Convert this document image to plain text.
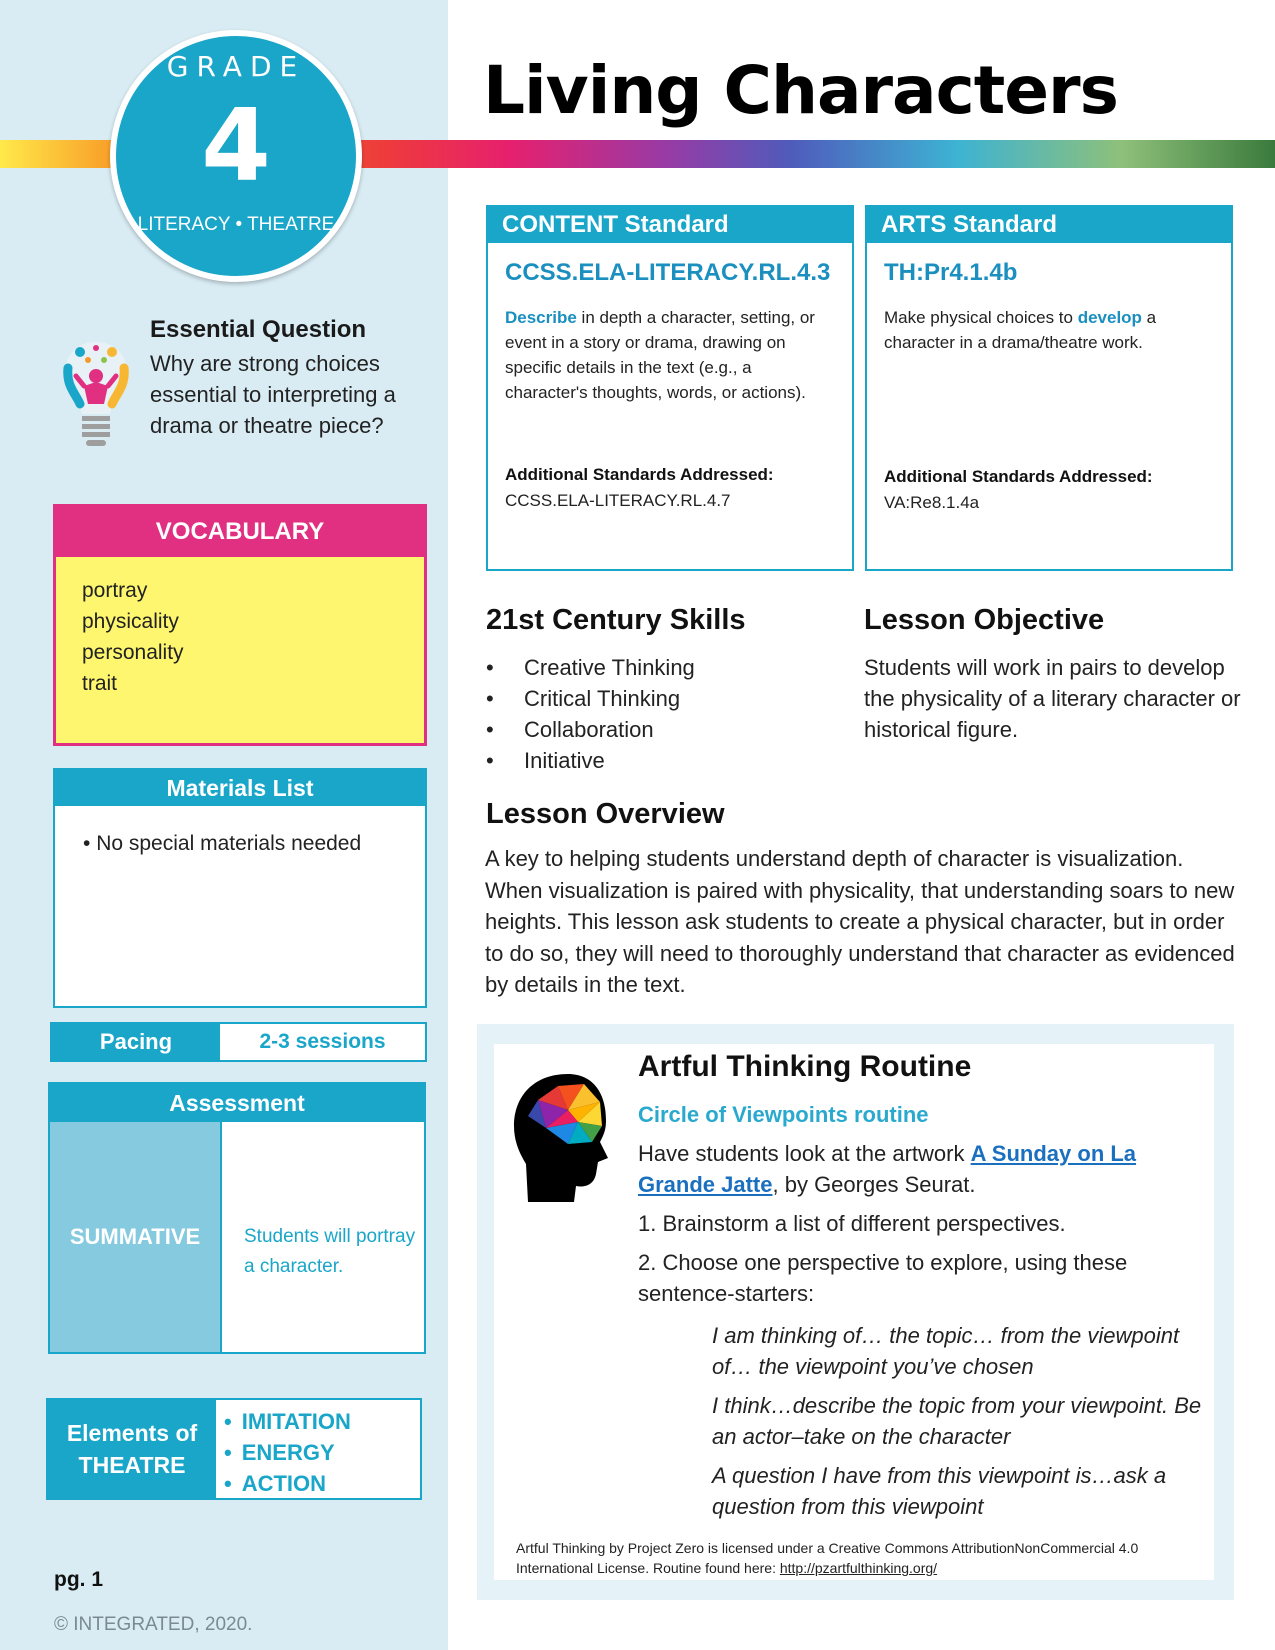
GRADE
4
LITERACY • THEATRE
Essential Question
Why are strong choices essential to interpreting a drama or theatre piece?
VOCABULARY
portray
physicality
personality
trait
Materials List
• No special materials needed
Pacing	2-3 sessions
Assessment
SUMMATIVE	Students will portray a character.
Elements of
THEATRE
• IMITATION
• ENERGY
• ACTION
pg. 1
© INTEGRATED, 2020.
Living Characters
CONTENT Standard
CCSS.ELA-LITERACY.RL.4.3
Describe in depth a character, setting, or event in a story or drama, drawing on specific details in the text (e.g., a character's thoughts, words, or actions).
Additional Standards Addressed:
CCSS.ELA-LITERACY.RL.4.7
ARTS Standard
TH:Pr4.1.4b
Make physical choices to develop a character in a drama/theatre work.
Additional Standards Addressed:
VA:Re8.1.4a
21st Century Skills
• Creative Thinking
• Critical Thinking
• Collaboration
• Initiative
Lesson Objective
Students will work in pairs to develop the physicality of a literary character or historical figure.
Lesson Overview
A key to helping students understand depth of character is visualization. When visualization is paired with physicality, that understanding soars to new heights. This lesson ask students to create a physical character, but in order to do so, they will need to thoroughly understand that character as evidenced by details in the text.
Artful Thinking Routine
Circle of Viewpoints routine
Have students look at the artwork A Sunday on La Grande Jatte, by Georges Seurat.
1. Brainstorm a list of different perspectives.
2. Choose one perspective to explore, using these sentence-starters:

I am thinking of… the topic… from the viewpoint of… the viewpoint you’ve chosen

I think…describe the topic from your viewpoint. Be an actor–take on the character

A question I have from this viewpoint is…ask a question from this viewpoint

Artful Thinking by Project Zero is licensed under a Creative Commons AttributionNonCommercial 4.0 International License. Routine found here: http://pzartfulthinking.org/
